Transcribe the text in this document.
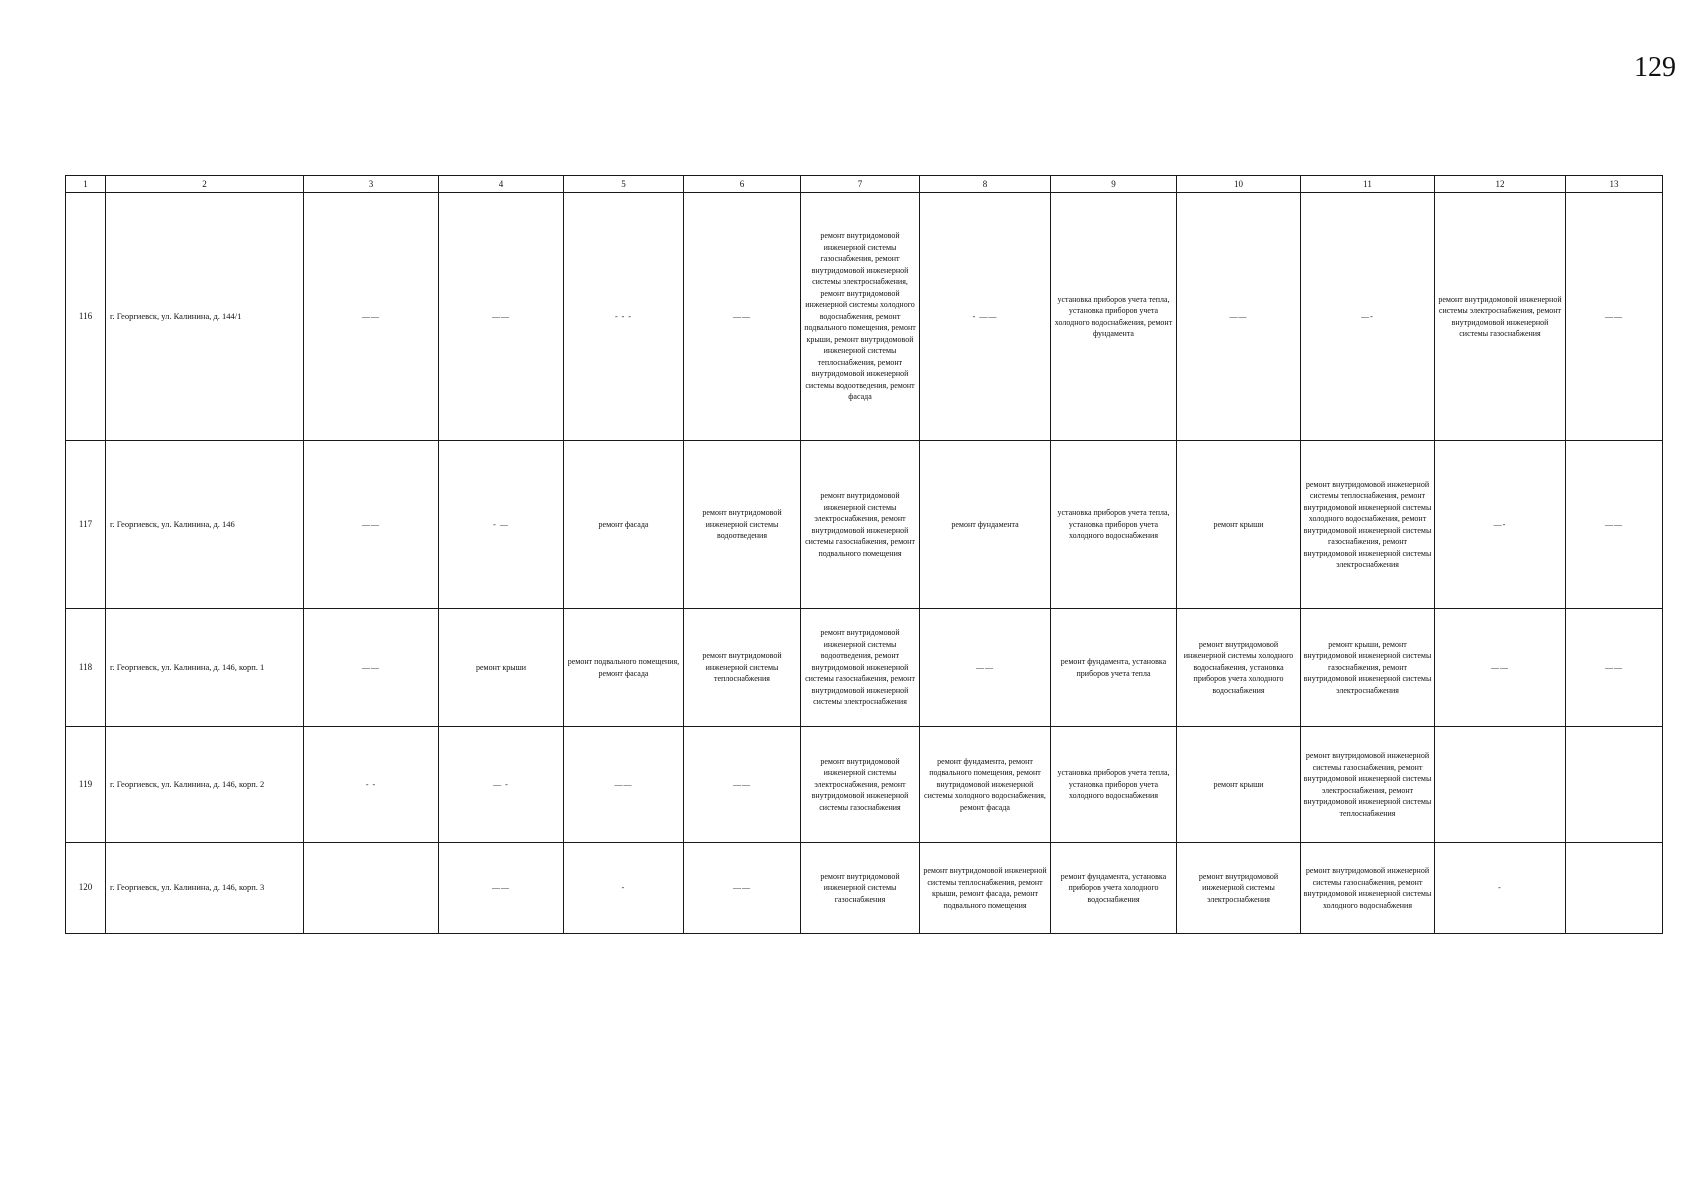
129
1	2	3	4	5	6	7	8	9	10	11	12	13
116	г. Георгиевск, ул. Калинина, д. 144/1	——	——	- - -	——	ремонт внутридомовой инженерной системы газоснабжения, ремонт внутридомовой инженерной системы электроснабжения, ремонт внутридомовой инженерной системы холодного водоснабжения, ремонт подвального помещения, ремонт крыши, ремонт внутридомовой инженерной системы теплоснабжения, ремонт внутридомовой инженерной системы водоотведения, ремонт фасада	- ——	установка приборов учета тепла, установка приборов учета холодного водоснабжения, ремонт фундамента	——	—-	ремонт внутридомовой инженерной системы электроснабжения, ремонт внутридомовой инженерной системы газоснабжения	——
117	г. Георгиевск, ул. Калинина, д. 146	——	- —	ремонт фасада	ремонт внутридомовой инженерной системы водоотведения	ремонт внутридомовой инженерной системы электроснабжения, ремонт внутридомовой инженерной системы газоснабжения, ремонт подвального помещения	ремонт фундамента	установка приборов учета тепла, установка приборов учета холодного водоснабжения	ремонт крыши	ремонт внутридомовой инженерной системы теплоснабжения, ремонт внутридомовой инженерной системы холодного водоснабжения, ремонт внутридомовой инженерной системы газоснабжения, ремонт внутридомовой инженерной системы электроснабжения	—-	——
118	г. Георгиевск, ул. Калинина, д. 146, корп. 1	——	ремонт крыши	ремонт подвального помещения, ремонт фасада	ремонт внутридомовой инженерной системы теплоснабжения	ремонт внутридомовой инженерной системы водоотведения, ремонт внутридомовой инженерной системы газоснабжения, ремонт внутридомовой инженерной системы электроснабжения	——	ремонт фундамента, установка приборов учета тепла	ремонт внутридомовой инженерной системы холодного водоснабжения, установка приборов учета холодного водоснабжения	ремонт крыши, ремонт внутридомовой инженерной системы газоснабжения, ремонт внутридомовой инженерной системы электроснабжения	——	——
119	г. Георгиевск, ул. Калинина, д. 146, корп. 2	- -	— -	——	——	ремонт внутридомовой инженерной системы электроснабжения, ремонт внутридомовой инженерной системы газоснабжения	ремонт фундамента, ремонт подвального помещения, ремонт внутридомовой инженерной системы холодного водоснабжения, ремонт фасада	установка приборов учета тепла, установка приборов учета холодного водоснабжения	ремонт крыши	ремонт внутридомовой инженерной системы газоснабжения, ремонт внутридомовой инженерной системы электроснабжения, ремонт внутридомовой инженерной системы теплоснабжения		
120	г. Георгиевск, ул. Калинина, д. 146, корп. 3		——	-	——	ремонт внутридомовой инженерной системы газоснабжения	ремонт внутридомовой инженерной системы теплоснабжения, ремонт крыши, ремонт фасада, ремонт подвального помещения	ремонт фундамента, установка приборов учета холодного водоснабжения	ремонт внутридомовой инженерной системы электроснабжения	ремонт внутридомовой инженерной системы газоснабжения, ремонт внутридомовой инженерной системы холодного водоснабжения	-	
